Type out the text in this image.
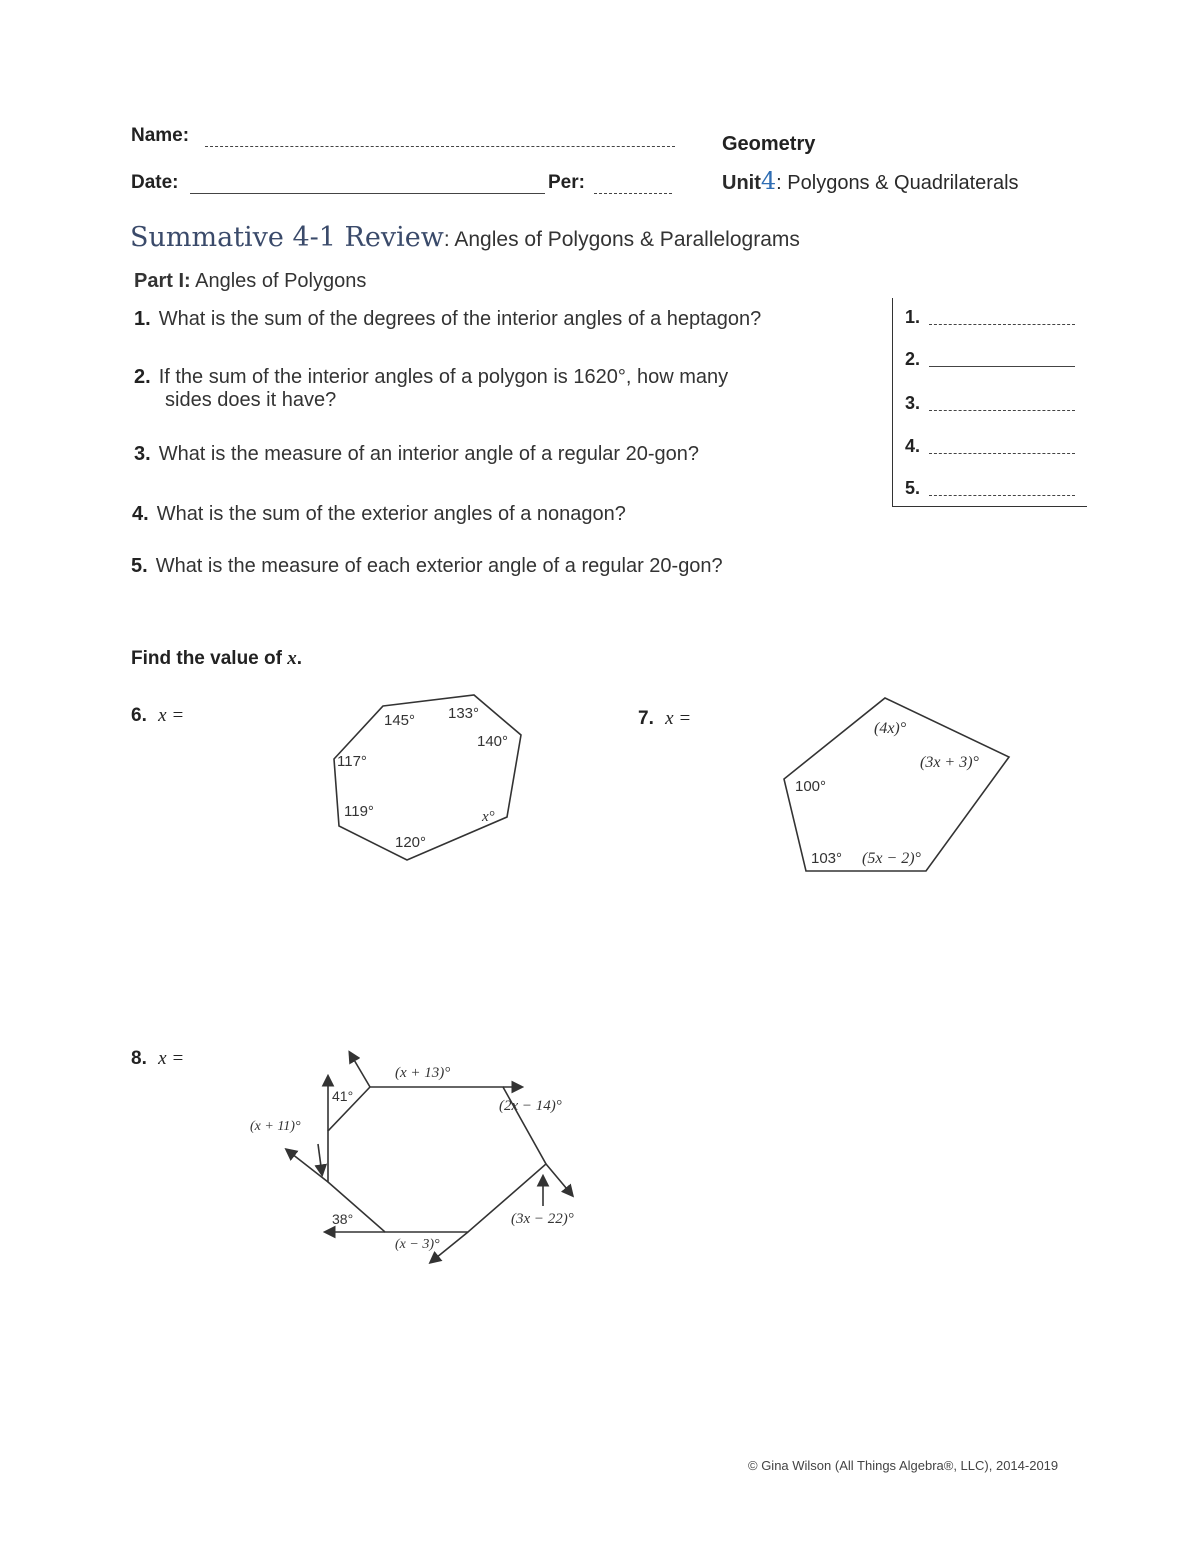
Name:
Date:	Per:
Geometry
Unit4: Polygons & Quadrilaterals
Summative 4-1 Review: Angles of Polygons & Parallelograms
Part I: Angles of Polygons
1. What is the sum of the degrees of the interior angles of a heptagon?
2. If the sum of the interior angles of a polygon is 1620°, how many
sides does it have?
3. What is the measure of an interior angle of a regular 20-gon?
4. What is the sum of the exterior angles of a nonagon?
5. What is the measure of each exterior angle of a regular 20-gon?
1.
2.
3.
4.
5.
Find the value of x.
6. x =	145° 133°
140°
117°
119°
120°
x°
7. x =	(4x)°
(3x + 3)°
100°
103° (5x − 2)°
8. x =
(x + 13)°
41°
(2x − 14)°
(x + 11)°
38°	(3x − 22)°
(x − 3)°
© Gina Wilson (All Things Algebra®, LLC), 2014-2019
